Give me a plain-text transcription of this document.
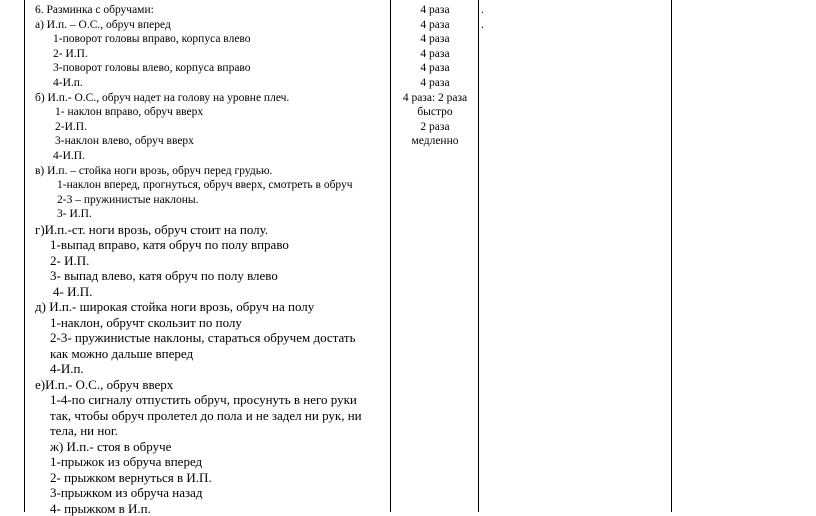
6. Разминка с обручами:
а) И.п. – О.С., обруч вперед
1-поворот головы вправо, корпуса влево
2- И.П.
3-поворот головы влево, корпуса вправо
4-И.п.
б) И.п.- О.С., обруч надет на голову на уровне плеч.
1- наклон вправо, обруч вверх
2-И.П.
3-наклон влево, обруч вверх
4-И.П.
в) И.п. – стойка ноги врозь, обруч перед грудью.
1-наклон вперед, прогнуться, обруч вверх, смотреть в обруч
2-3 – пружинистые наклоны.
3- И.П.
г)И.п.-ст. ноги врозь, обруч стоит на полу.
1-выпад вправо, катя обруч по полу вправо
2- И.П.
3- выпад влево, катя обруч по полу влево
4- И.П.
д) И.п.- широкая стойка ноги врозь, обруч на полу
1-наклон, обручт скользит по полу
2-3- пружинистые наклоны, стараться обручем достать
как можно дальше вперед
4-И.п.
е)И.п.- О.С., обруч вверх
1-4-по сигналу отпустить обруч, просунуть в него руки
так, чтобы обруч пролетел до пола и не задел ни рук, ни
тела, ни ног.
ж) И.п.- стоя в обруче
1-прыжок из обруча вперед
2- прыжком вернуться в И.П.
3-прыжком из обруча назад
4- прыжком в И.п.
4 раза
4 раза
4 раза
4 раза
4 раза
4 раза
4 раза: 2 раза
быстро
2 раза
медленно
.
.
